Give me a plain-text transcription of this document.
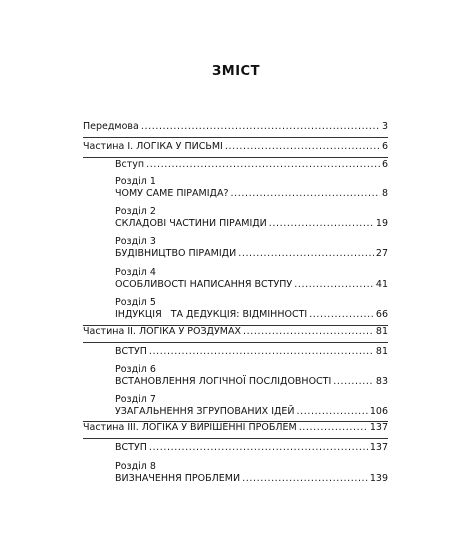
ЗМІСТ
Передмова .....	3
Частина І. ЛОГІКА У ПИСЬМІ .....	6
Вступ .....	6
Розділ 1
ЧОМУ САМЕ ПІРАМІДА? .....	8
Розділ 2
СКЛАДОВІ ЧАСТИНИ ПІРАМІДИ .....	19
Розділ 3
БУДІВНИЦТВО ПІРАМІДИ .....	27
Розділ 4
ОСОБЛИВОСТІ НАПИСАННЯ ВСТУПУ .....	41
Розділ 5
ІНДУКЦІЯ   ТА ДЕДУКЦІЯ: ВІДМІННОСТІ .....	66
Частина ІІ. ЛОГІКА У РОЗДУМАХ .....	81
ВСТУП .....	81
Розділ 6
ВСТАНОВЛЕННЯ ЛОГІЧНОЇ ПОСЛІДОВНОСТІ .....	83
Розділ 7
УЗАГАЛЬНЕННЯ ЗГРУПОВАНИХ ІДЕЙ .....	106
Частина ІІІ. ЛОГІКА У ВИРІШЕННІ ПРОБЛЕМ .....	137
ВСТУП .....	137
Розділ 8
ВИЗНАЧЕННЯ ПРОБЛЕМИ .....	139
